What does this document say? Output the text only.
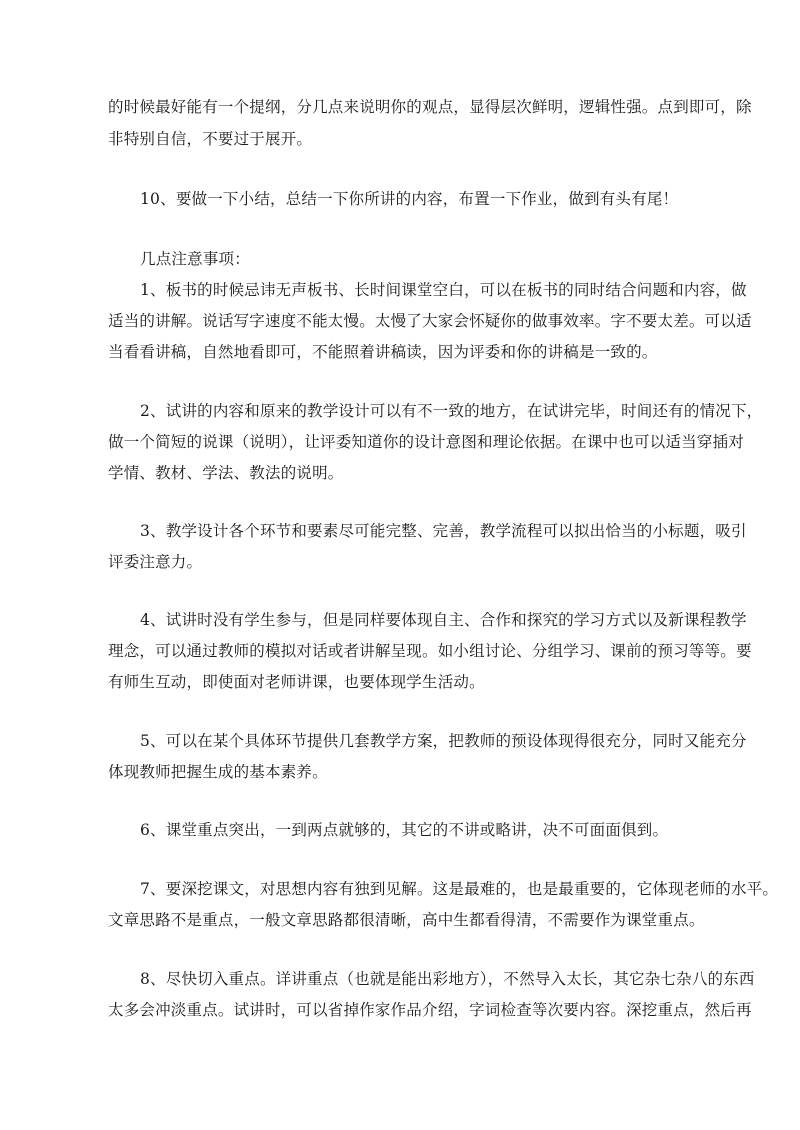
的时候最好能有一个提纲，分几点来说明你的观点，显得层次鲜明，逻辑性强。点到即可，除
非特别自信，不要过于展开。
10、要做一下小结，总结一下你所讲的内容，布置一下作业，做到有头有尾！
几点注意事项：
1、板书的时候忌讳无声板书、长时间课堂空白，可以在板书的同时结合问题和内容，做
适当的讲解。说话写字速度不能太慢。太慢了大家会怀疑你的做事效率。字不要太差。可以适
当看看讲稿，自然地看即可，不能照着讲稿读，因为评委和你的讲稿是一致的。
2、试讲的内容和原来的教学设计可以有不一致的地方，在试讲完毕，时间还有的情况下，
做一个简短的说课（说明），让评委知道你的设计意图和理论依据。在课中也可以适当穿插对
学情、教材、学法、教法的说明。
3、教学设计各个环节和要素尽可能完整、完善，教学流程可以拟出恰当的小标题，吸引
评委注意力。
4、试讲时没有学生参与，但是同样要体现自主、合作和探究的学习方式以及新课程教学
理念，可以通过教师的模拟对话或者讲解呈现。如小组讨论、分组学习、课前的预习等等。要
有师生互动，即使面对老师讲课，也要体现学生活动。
5、可以在某个具体环节提供几套教学方案，把教师的预设体现得很充分，同时又能充分
体现教师把握生成的基本素养。
6、课堂重点突出，一到两点就够的，其它的不讲或略讲，决不可面面俱到。
7、要深挖课文，对思想内容有独到见解。这是最难的，也是最重要的，它体现老师的水平。
文章思路不是重点，一般文章思路都很清晰，高中生都看得清，不需要作为课堂重点。
8、尽快切入重点。详讲重点（也就是能出彩地方），不然导入太长，其它杂七杂八的东西
太多会冲淡重点。试讲时，可以省掉作家作品介绍，字词检查等次要内容。深挖重点，然后再
